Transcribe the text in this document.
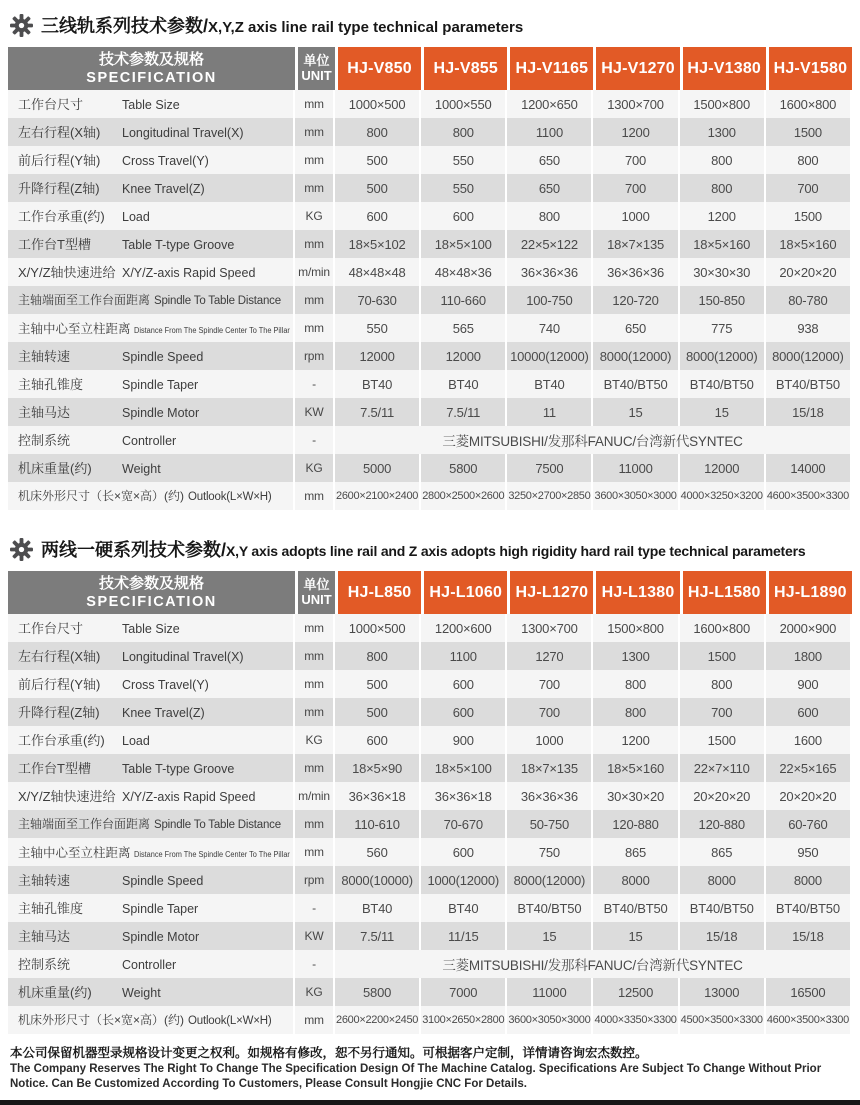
三线轨系列技术参数/ X,Y,Z axis line rail type technical parameters
技术参数及规格
SPECIFICATION

单位
UNIT	HJ-V850	HJ-V855	HJ-V1165	HJ-V1270	HJ-V1380	HJ-V1580
工作台尺寸 Table Size	mm	1000×500	1000×550	1200×650	1300×700	1500×800	1600×800
左右行程(X轴) Longitudinal Travel(X)	mm	800	800	1100	1200	1300	1500
前后行程(Y轴) Cross Travel(Y)	mm	500	550	650	700	800	800
升降行程(Z轴) Knee Travel(Z)	mm	500	550	650	700	800	700
工作台承重(约) Load	KG	600	600	800	1000	1200	1500
工作台T型槽 Table T-type Groove	mm	18×5×102	18×5×100	22×5×122	18×7×135	18×5×160	18×5×160
X/Y/Z轴快速进给 X/Y/Z-axis Rapid Speed	m/min	48×48×48	48×48×36	36×36×36	36×36×36	30×30×30	20×20×20
主轴端面至工作台面距离 Spindle To Table Distance	mm	70-630	110-660	100-750	120-720	150-850	80-780
主轴中心至立柱距离 Distance From The Spindle Center To The Pillar	mm	550	565	740	650	775	938
主轴转速 Spindle Speed	rpm	12000	12000	10000(12000)	8000(12000)	8000(12000)	8000(12000)
主轴孔锥度 Spindle Taper	-	BT40	BT40	BT40	BT40/BT50	BT40/BT50	BT40/BT50
主轴马达 Spindle Motor	KW	7.5/11	7.5/11	11	15	15	15/18
控制系统 Controller	-	三菱MITSUBISHI/发那科FANUC/台湾新代SYNTEC					
机床重量(约) Weight	KG	5000	5800	7500	11000	12000	14000
机床外形尺寸（长×宽×高）(约) Outlook(L×W×H)	mm	2600×2100×2400	2800×2500×2600	3250×2700×2850	3600×3050×3000	4000×3250×3200	4600×3500×3300
两线一硬系列技术参数/ X,Y axis adopts line rail and Z axis adopts high rigidity hard rail type technical parameters
技术参数及规格
SPECIFICATION

单位
UNIT	HJ-L850	HJ-L1060	HJ-L1270	HJ-L1380	HJ-L1580	HJ-L1890
工作台尺寸 Table Size	mm	1000×500	1200×600	1300×700	1500×800	1600×800	2000×900
左右行程(X轴) Longitudinal Travel(X)	mm	800	1100	1270	1300	1500	1800
前后行程(Y轴) Cross Travel(Y)	mm	500	600	700	800	800	900
升降行程(Z轴) Knee Travel(Z)	mm	500	600	700	800	700	600
工作台承重(约) Load	KG	600	900	1000	1200	1500	1600
工作台T型槽 Table T-type Groove	mm	18×5×90	18×5×100	18×7×135	18×5×160	22×7×110	22×5×165
X/Y/Z轴快速进给 X/Y/Z-axis Rapid Speed	m/min	36×36×18	36×36×18	36×36×36	30×30×20	20×20×20	20×20×20
主轴端面至工作台面距离 Spindle To Table Distance	mm	110-610	70-670	50-750	120-880	120-880	60-760
主轴中心至立柱距离 Distance From The Spindle Center To The Pillar	mm	560	600	750	865	865	950
主轴转速 Spindle Speed	rpm	8000(10000)	1000(12000)	8000(12000)	8000	8000	8000
主轴孔锥度 Spindle Taper	-	BT40	BT40	BT40/BT50	BT40/BT50	BT40/BT50	BT40/BT50
主轴马达 Spindle Motor	KW	7.5/11	11/15	15	15	15/18	15/18
控制系统 Controller	-	三菱MITSUBISHI/发那科FANUC/台湾新代SYNTEC					
机床重量(约) Weight	KG	5800	7000	11000	12500	13000	16500
机床外形尺寸（长×宽×高）(约) Outlook(L×W×H)	mm	2600×2200×2450	3100×2650×2800	3600×3050×3000	4000×3350×3300	4500×3500×3300	4600×3500×3300
本公司保留机器型录规格设计变更之权利。如规格有修改，恕不另行通知。可根据客户定制，详情请咨询宏杰数控。
The Company Reserves The Right To Change The Specification Design Of The Machine Catalog. Specifications Are Subject To Change Without Prior Notice. Can Be Customized According To Customers, Please Consult Hongjie CNC For Details.
